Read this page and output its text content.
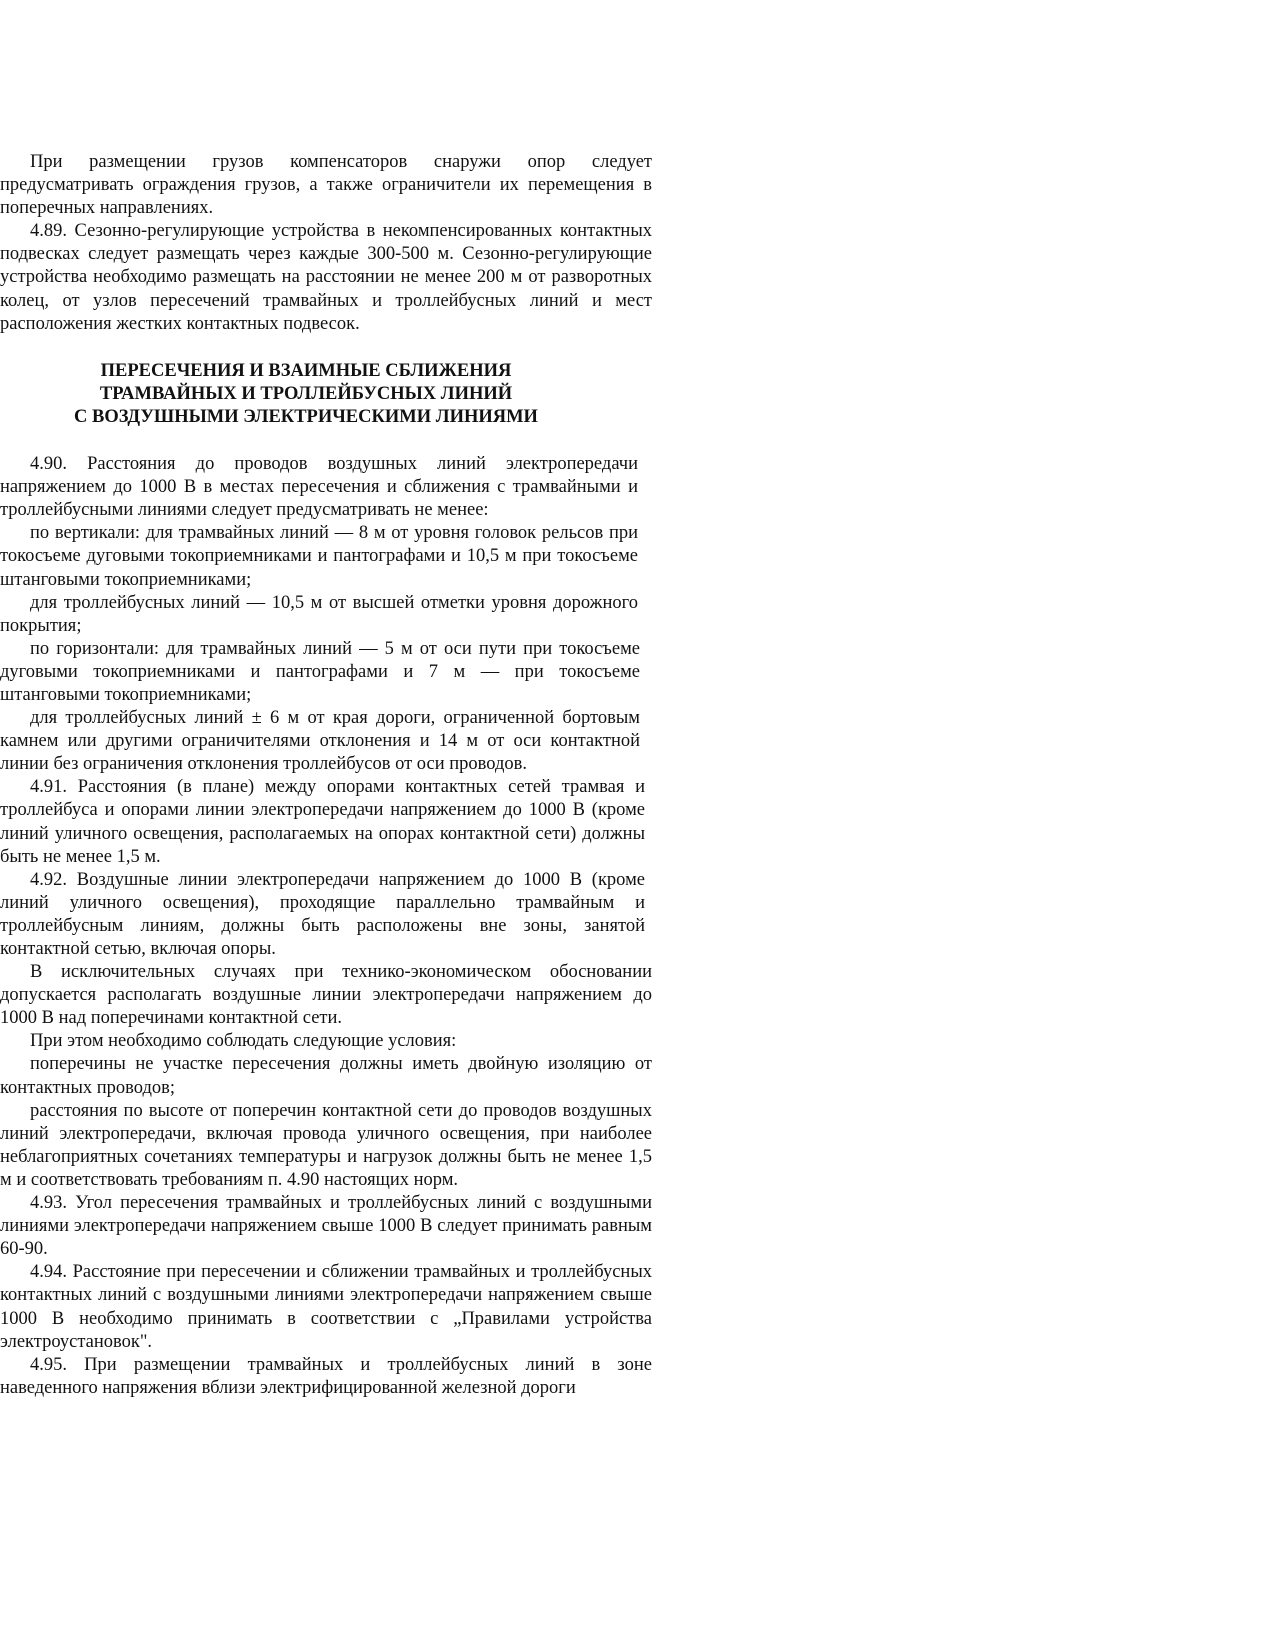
При размещении грузов компенсаторов снаружи опор следует предусматривать ограждения грузов, а также ограничители их перемещения в поперечных направлениях.

4.89. Сезонно-регулирующие устройства в некомпенсированных контактных подвесках следует размещать через каждые 300-500 м. Сезонно-регулирующие устройства необходимо размещать на расстоянии не менее 200 м от разворотных колец, от узлов пересечений трамвайных и троллейбусных линий и мест расположения жестких контактных подвесок.

ПЕРЕСЕЧЕНИЯ И ВЗАИМНЫЕ СБЛИЖЕНИЯ
ТРАМВАЙНЫХ И ТРОЛЛЕЙБУСНЫХ ЛИНИЙ
С ВОЗДУШНЫМИ ЭЛЕКТРИЧЕСКИМИ ЛИНИЯМИ

4.90. Расстояния до проводов воздушных линий электропередачи напряжением до 1000 В в местах пересечения и сближения с трамвайными и троллейбусными линиями следует предусматривать не менее:

по вертикали: для трамвайных линий — 8 м от уровня головок рельсов при токосъеме дуговыми токоприемниками и пантографами и 10,5 м при токосъеме штанговыми токоприемниками;

для троллейбусных линий — 10,5 м от высшей отметки уровня дорожного покрытия;

по горизонтали: для трамвайных линий — 5 м от оси пути при токосъеме дуговыми токоприемниками и пантографами и 7 м — при токосъеме штанговыми токоприемниками;

для троллейбусных линий ± 6 м от края дороги, ограниченной бортовым камнем или другими ограничителями отклонения и 14 м от оси контактной линии без ограничения отклонения троллейбусов от оси проводов.

4.91. Расстояния (в плане) между опорами контактных сетей трамвая и троллейбуса и опорами линии электропередачи напряжением до 1000 В (кроме линий уличного освещения, располагаемых на опорах контактной сети) должны быть не менее 1,5 м.

4.92. Воздушные линии электропередачи напряжением до 1000 В (кроме линий уличного освещения), проходящие параллельно трамвайным и троллейбусным линиям, должны быть расположены вне зоны, занятой контактной сетью, включая опоры.

В исключительных случаях при технико-экономическом обосновании допускается располагать воздушные линии электропередачи напряжением до 1000 В над поперечинами контактной сети.

При этом необходимо соблюдать следующие условия:

поперечины не участке пересечения должны иметь двойную изоляцию от контактных проводов;

расстояния по высоте от поперечин контактной сети до проводов воздушных линий электропередачи, включая провода уличного освещения, при наиболее неблагоприятных сочетаниях температуры и нагрузок должны быть не менее 1,5 м и соответствовать требованиям п. 4.90 настоящих норм.

4.93. Угол пересечения трамвайных и троллейбусных линий с воздушными линиями электропередачи напряжением свыше 1000 В следует принимать равным 60-90.

4.94. Расстояние при пересечении и сближении трамвайных и троллейбусных контактных линий с воздушными линиями электропередачи напряжением свыше 1000 В необходимо принимать в соответствии с „Правилами устройства электроустановок".

4.95. При размещении трамвайных и троллейбусных линий в зоне наведенного напряжения вблизи электрифицированной железной дороги
